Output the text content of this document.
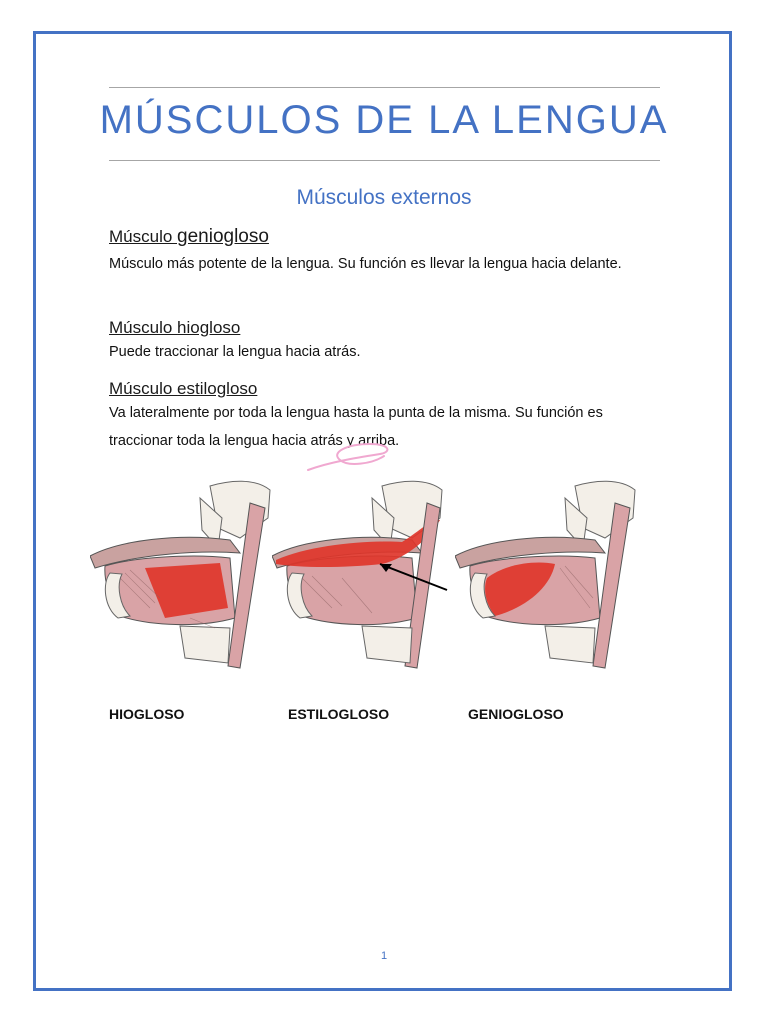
MÚSCULOS DE LA LENGUA
Músculos externos
Músculo geniogloso
Músculo más potente de la lengua. Su función es llevar la lengua hacia delante.
Músculo hiogloso
Puede traccionar la lengua hacia atrás.
Músculo estilogloso
Va lateralmente por toda la lengua hasta la punta de la misma. Su función es traccionar toda la lengua hacia atrás y arriba.
HIOGLOSO	ESTILOGLOSO	GENIOGLOSO
1
